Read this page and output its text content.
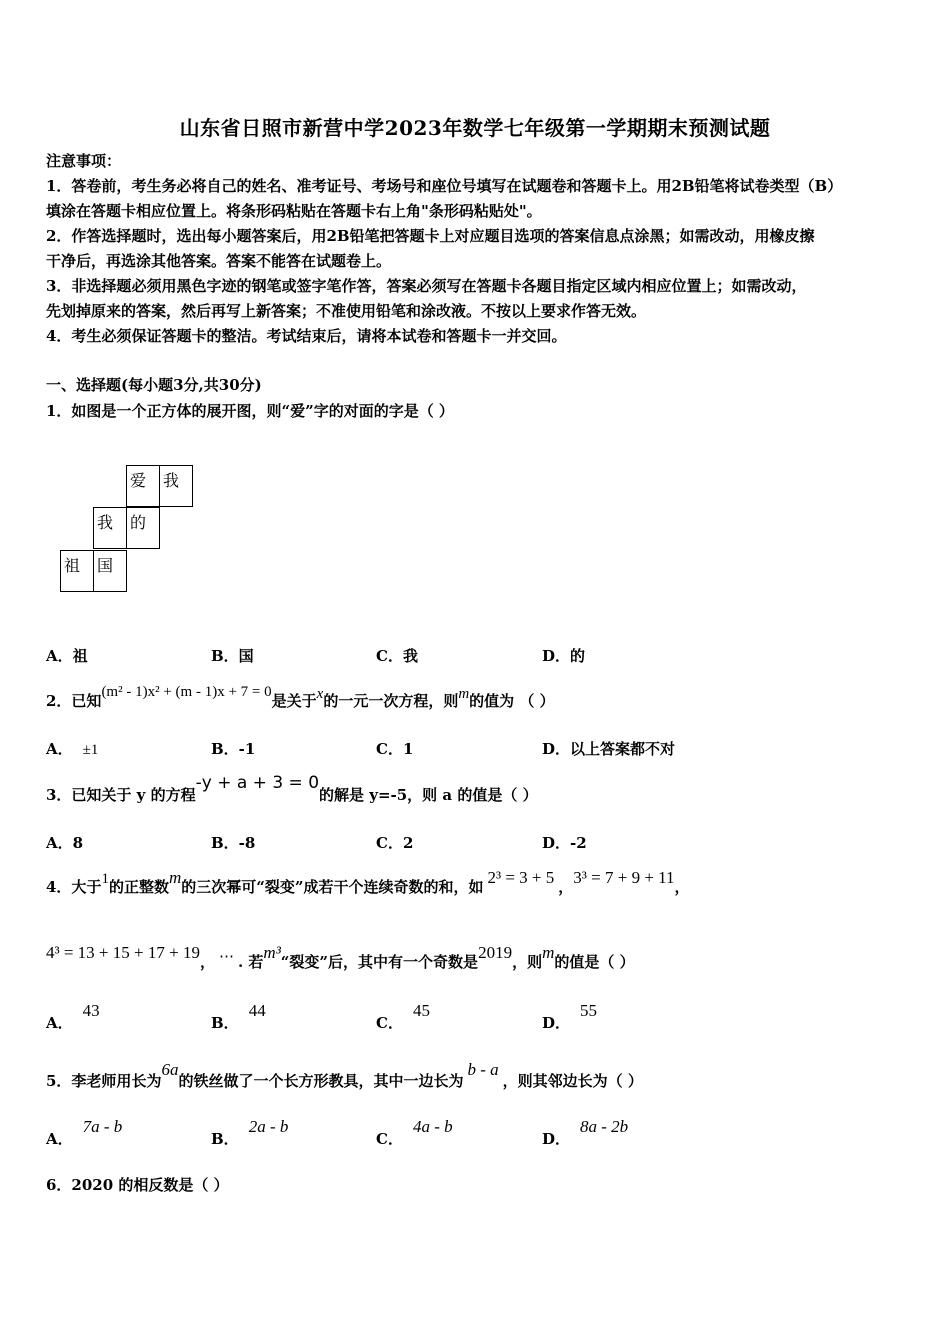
山东省日照市新营中学2023年数学七年级第一学期期末预测试题
注意事项：
1．答卷前，考生务必将自己的姓名、准考证号、考场号和座位号填写在试题卷和答题卡上。用2B铅笔将试卷类型（B）
填涂在答题卡相应位置上。将条形码粘贴在答题卡右上角"条形码粘贴处"。
2．作答选择题时，选出每小题答案后，用2B铅笔把答题卡上对应题目选项的答案信息点涂黑；如需改动，用橡皮擦
干净后，再选涂其他答案。答案不能答在试题卷上。
3．非选择题必须用黑色字迹的钢笔或签字笔作答，答案必须写在答题卡各题目指定区域内相应位置上；如需改动，
先划掉原来的答案，然后再写上新答案；不准使用铅笔和涂改液。不按以上要求作答无效。
4．考生必须保证答题卡的整洁。考试结束后，请将本试卷和答题卡一并交回。
一、选择题(每小题3分,共30分)
1．如图是一个正方体的展开图，则“爱”字的对面的字是（ ）
爱 我
我 的
祖 国
A．祖	B．国	C．我	D．的
2．已知(m² - 1)x² + (m - 1)x + 7 = 0是关于x的一元一次方程，则m的值为 （ ）
A． ±1	B．-1	C．1	D．以上答案都不对
3．已知关于 y 的方程-y + a + 3 = 0的解是 y=-5，则 a 的值是（ ）
A．8	B．-8	C．2	D．-2
4．大于1的正整数m的三次幂可“裂变”成若干个连续奇数的和，如 2³ = 3 + 5 ，3³ = 7 + 9 + 11，
4³ = 13 + 15 + 17 + 19， ⋯ . 若m³“裂变”后，其中有一个奇数是2019，则m的值是（ ）
A．43
B．44
C．45
D．55
5．李老师用长为6a的铁丝做了一个长方形教具，其中一边长为b - a，则其邻边长为（ ）
A．7a - b
B．2a - b
C．4a - b
D．8a - 2b
6．2020 的相反数是（ ）
